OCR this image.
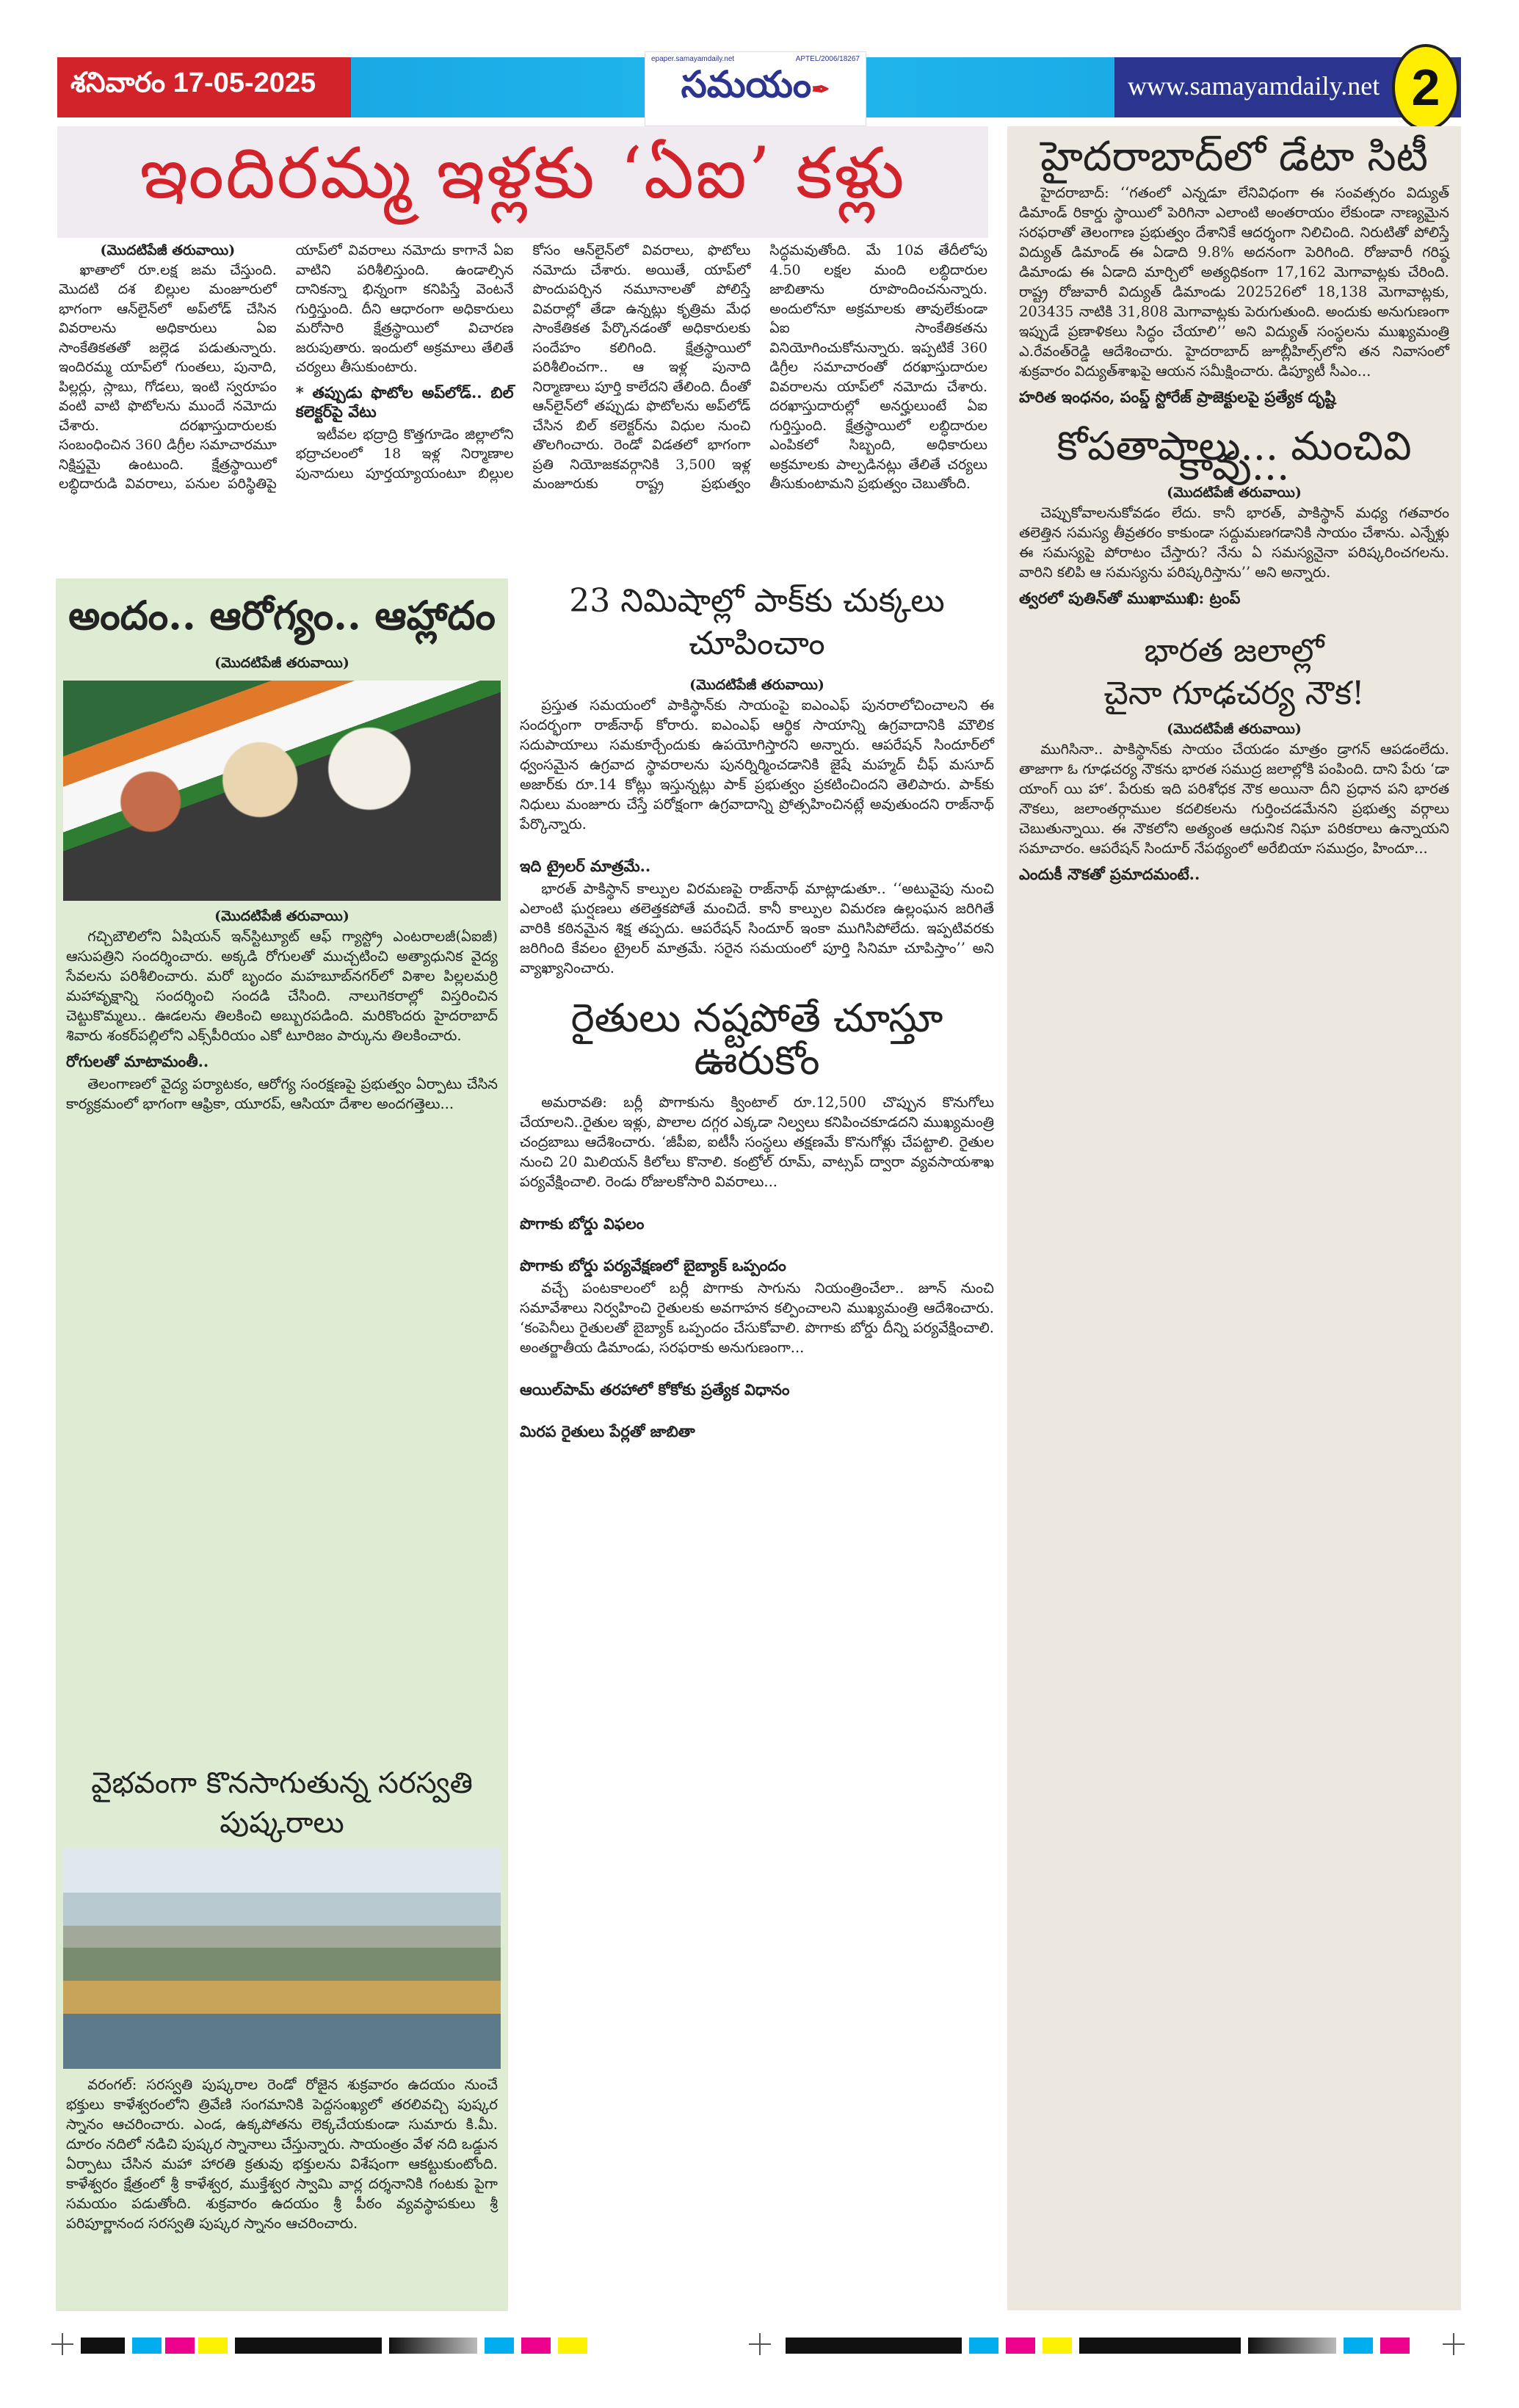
శనివారం 17-05-2025
epaper.samayamdaily.net	APTEL/2006/18267
సమయం✒	www.samayamdaily.net 2
ఇందిరమ్మ ఇళ్లకు ‘ఏఐ’ కళ్లు
(మొదటిపేజీ తరువాయి)

ఖాతాలో రూ.లక్ష జమ చేస్తుంది. మొదటి దశ బిల్లుల మంజూరులో భాగంగా ఆన్‌లైన్‌లో అప్‌లోడ్ చేసిన వివరాలను అధికారులు ఏఐ సాంకేతికతతో జల్లెడ పడుతున్నారు. ఇందిరమ్మ యాప్‌లో గుంతలు, పునాది, పిల్లర్లు, స్లాబు, గోడలు, ఇంటి స్వరూపం వంటి వాటి ఫొటోలను ముందే నమోదు చేశారు. దరఖాస్తుదారులకు సంబంధించిన 360 డిగ్రీల సమాచారమూ నిక్షిప్తమై ఉంటుంది. క్షేత్రస్థాయిలో లబ్ధిదారుడి వివరాలు, పనుల పరిస్థితిపై యాప్‌లో వివరాలు నమోదు కాగానే ఏఐ వాటిని పరిశీలిస్తుంది. ఉండాల్సిన దానికన్నా భిన్నంగా కనిపిస్తే వెంటనే గుర్తిస్తుంది. దీని ఆధారంగా అధికారులు మరోసారి క్షేత్రస్థాయిలో విచారణ జరుపుతారు. ఇందులో అక్రమాలు తేలితే చర్యలు తీసుకుంటారు.

* తప్పుడు ఫొటోల అప్‌లోడ్.. బిల్ కలెక్టర్‌పై వేటు

ఇటీవల భద్రాద్రి కొత్తగూడెం జిల్లాలోని భద్రాచలంలో 18 ఇళ్ల నిర్మాణాల పునాదులు పూర్తయ్యాయంటూ బిల్లుల కోసం ఆన్‌లైన్‌లో వివరాలు, ఫొటోలు నమోదు చేశారు. అయితే, యాప్‌లో పొందుపర్చిన నమూనాలతో పోలిస్తే వివరాల్లో తేడా ఉన్నట్లు కృత్రిమ మేధ సాంకేతికత పేర్కొనడంతో అధికారులకు సందేహం కలిగింది. క్షేత్రస్థాయిలో పరిశీలించగా.. ఆ ఇళ్ల పునాది నిర్మాణాలు పూర్తి కాలేదని తేలింది. దీంతో ఆన్‌లైన్‌లో తప్పుడు ఫొటోలను అప్‌లోడ్ చేసిన బిల్ కలెక్టర్‌ను విధుల నుంచి తొలగించారు. రెండో విడతలో భాగంగా ప్రతి నియోజకవర్గానికి 3,500 ఇళ్ల మంజూరుకు రాష్ట్ర ప్రభుత్వం సిద్ధమవుతోంది. మే 10వ తేదీలోపు 4.50 లక్షల మంది లబ్ధిదారుల జాబితాను రూపొందించనున్నారు. అందులోనూ అక్రమాలకు తావులేకుండా ఏఐ సాంకేతికతను వినియోగించుకోనున్నారు. ఇప్పటికే 360 డిగ్రీల సమాచారంతో దరఖాస్తుదారుల వివరాలను యాప్‌లో నమోదు చేశారు. దరఖాస్తుదారుల్లో అనర్హులుంటే ఏఐ గుర్తిస్తుంది. క్షేత్రస్థాయిలో లబ్ధిదారుల ఎంపికలో సిబ్బంది, అధికారులు అక్రమాలకు పాల్పడినట్లు తేలితే చర్యలు తీసుకుంటామని ప్రభుత్వం చెబుతోంది.

అందం.. ఆరోగ్యం.. ఆహ్లాదం
(మొదటిపేజీ తరువాయి)
(మొదటిపేజీ తరువాయి)

గచ్చిబౌలిలోని ఏషియన్ ఇన్‌స్టిట్యూట్ ఆఫ్ గ్యాస్ట్రో ఎంటరాలజీ(ఏఐజీ) ఆసుపత్రిని సందర్శించారు. అక్కడి రోగులతో ముచ్చటించి అత్యాధునిక వైద్య సేవలను పరిశీలించారు. మరో బృందం మహబూబ్‌నగర్‌లో విశాల పిల్లలమర్రి మహావృక్షాన్ని సందర్శించి సందడి చేసింది. నాలుగెకరాల్లో విస్తరించిన చెట్టుకొమ్మలు.. ఊడలను తిలకించి అబ్బురపడింది. మరికొందరు హైదరాబాద్ శివారు శంకర్‌పల్లిలోని ఎక్స్‌పీరియం ఎకో టూరిజం పార్కును తిలకించారు.

రోగులతో మాటామంతీ..

తెలంగాణలో వైద్య పర్యాటకం, ఆరోగ్య సంరక్షణపై ప్రభుత్వం ఏర్పాటు చేసిన కార్యక్రమంలో భాగంగా ఆఫ్రికా, యూరప్, ఆసియా దేశాల అందగత్తెలు...

వైభవంగా కొనసాగుతున్న సరస్వతి పుష్కరాలు

వరంగల్: సరస్వతి పుష్కరాల రెండో రోజైన శుక్రవారం ఉదయం నుంచే భక్తులు కాళేశ్వరంలోని త్రివేణి సంగమానికి పెద్దసంఖ్యలో తరలివచ్చి పుష్కర స్నానం ఆచరించారు. ఎండ, ఉక్కపోతను లెక్కచేయకుండా సుమారు కి.మీ. దూరం నదిలో నడిచి పుష్కర స్నానాలు చేస్తున్నారు. సాయంత్రం వేళ నది ఒడ్డున ఏర్పాటు చేసిన మహా హారతి క్రతువు భక్తులను విశేషంగా ఆకట్టుకుంటోంది. కాళేశ్వరం క్షేత్రంలో శ్రీ కాళేశ్వర, ముక్తేశ్వర స్వామి వార్ల దర్శనానికి గంటకు పైగా సమయం పడుతోంది. శుక్రవారం ఉదయం శ్రీ పీఠం వ్యవస్థాపకులు శ్రీ పరిపూర్ణానంద సరస్వతి పుష్కర స్నానం ఆచరించారు.

23 నిమిషాల్లో పాక్‌కు చుక్కలు చూపించాం
(మొదటిపేజీ తరువాయి)

ప్రస్తుత సమయంలో పాకిస్థాన్‌కు సాయంపై ఐఎంఎఫ్ పునరాలోచించాలని ఈ సందర్భంగా రాజ్‌నాథ్ కోరారు. ఐఎంఎఫ్ ఆర్థిక సాయాన్ని ఉగ్రవాదానికి మౌలిక సదుపాయాలు సమకూర్చేందుకు ఉపయోగిస్తారని అన్నారు. ఆపరేషన్ సిందూర్‌లో ధ్వంసమైన ఉగ్రవాద స్థావరాలను పునర్నిర్మించడానికి జైషే మహ్మద్ చీఫ్ మసూద్ అజార్‌కు రూ.14 కోట్లు ఇస్తున్నట్లు పాక్ ప్రభుత్వం ప్రకటించిందని తెలిపారు. పాక్‌కు నిధులు మంజూరు చేస్తే పరోక్షంగా ఉగ్రవాదాన్ని ప్రోత్సహించినట్లే అవుతుందని రాజ్‌నాథ్ పేర్కొన్నారు.

ఇది ట్రైలర్ మాత్రమే..

భారత్ పాకిస్థాన్ కాల్పుల విరమణపై రాజ్‌నాథ్ మాట్లాడుతూ.. ‘‘అటువైపు నుంచి ఎలాంటి ఘర్షణలు తలెత్తకపోతే మంచిదే. కానీ కాల్పుల విమరణ ఉల్లంఘన జరిగితే వారికి కఠినమైన శిక్ష తప్పదు. ఆపరేషన్ సిందూర్ ఇంకా ముగిసిపోలేదు. ఇప్పటివరకు జరిగింది కేవలం ట్రైలర్ మాత్రమే. సరైన సమయంలో పూర్తి సినిమా చూపిస్తాం’’ అని వ్యాఖ్యానించారు.

రైతులు నష్టపోతే చూస్తూ ఊరుకోం

అమరావతి: బర్లీ పొగాకును క్వింటాల్ రూ.12,500 చొప్పున కొనుగోలు చేయాలని..రైతుల ఇళ్లు, పొలాల దగ్గర ఎక్కడా నిల్వలు కనిపించకూడదని ముఖ్యమంత్రి చంద్రబాబు ఆదేశించారు. ‘జీపీఐ, ఐటీసీ సంస్థలు తక్షణమే కొనుగోళ్లు చేపట్టాలి. రైతుల నుంచి 20 మిలియన్ కిలోలు కొనాలి. కంట్రోల్ రూమ్, వాట్సప్ ద్వారా వ్యవసాయశాఖ పర్యవేక్షించాలి. రెండు రోజులకోసారి వివరాలు...

పొగాకు బోర్డు విఫలం
పొగాకు బోర్డు పర్యవేక్షణలో బైబ్యాక్ ఒప్పందం

వచ్చే పంటకాలంలో బర్లీ పొగాకు సాగును నియంత్రించేలా.. జూన్ నుంచి సమావేశాలు నిర్వహించి రైతులకు అవగాహన కల్పించాలని ముఖ్యమంత్రి ఆదేశించారు. ‘కంపెనీలు రైతులతో బైబ్యాక్ ఒప్పందం చేసుకోవాలి. పొగాకు బోర్డు దీన్ని పర్యవేక్షించాలి. అంతర్జాతీయ డిమాండు, సరఫరాకు అనుగుణంగా...

ఆయిల్‌పామ్ తరహాలో కోకోకు ప్రత్యేక విధానం
మిరప రైతులు పేర్లతో జాబితా
హైదరాబాద్‌లో డేటా సిటీ

హైదరాబాద్: ‘‘గతంలో ఎన్నడూ లేనివిధంగా ఈ సంవత్సరం విద్యుత్ డిమాండ్ రికార్డు స్థాయిలో పెరిగినా ఎలాంటి అంతరాయం లేకుండా నాణ్యమైన సరఫరాతో తెలంగాణ ప్రభుత్వం దేశానికే ఆదర్శంగా నిలిచింది. నిరుటితో పోలిస్తే విద్యుత్ డిమాండ్ ఈ ఏడాది 9.8% అదనంగా పెరిగింది. రోజువారీ గరిష్ఠ డిమాండు ఈ ఏడాది మార్చిలో అత్యధికంగా 17,162 మెగావాట్లకు చేరింది. రాష్ట్ర రోజువారీ విద్యుత్ డిమాండు 202526లో 18,138 మెగావాట్లకు, 203435 నాటికి 31,808 మెగావాట్లకు పెరుగుతుంది. అందుకు అనుగుణంగా ఇప్పుడే ప్రణాళికలు సిద్ధం చేయాలి’’ అని విద్యుత్ సంస్థలను ముఖ్యమంత్రి ఎ.రేవంత్‌రెడ్డి ఆదేశించారు. హైదరాబాద్ జూబ్లీహిల్స్‌లోని తన నివాసంలో శుక్రవారం విద్యుత్‌శాఖపై ఆయన సమీక్షించారు. డిప్యూటీ సీఎం...

హరిత ఇంధనం, పంప్డ్ స్టోరేజ్ ప్రాజెక్టులపై ప్రత్యేక దృష్టి
కోపతాపాలు... మంచివి కావు...
(మొదటిపేజీ తరువాయి)

చెప్పుకోవాలనుకోవడం లేదు. కానీ భారత్, పాకిస్థాన్ మధ్య గతవారం తలెత్తిన సమస్య తీవ్రతరం కాకుండా సద్దుమణగడానికి సాయం చేశాను. ఎన్నేళ్లు ఈ సమస్యపై పోరాటం చేస్తారు? నేను ఏ సమస్యనైనా పరిష్కరించగలను. వారిని కలిపి ఆ సమస్యను పరిష్కరిస్తాను’’ అని అన్నారు.

త్వరలో పుతిన్‌తో ముఖాముఖి: ట్రంప్
భారత జలాల్లో
చైనా గూఢచర్య నౌక!
(మొదటిపేజీ తరువాయి)

ముగిసినా.. పాకిస్థాన్‌కు సాయం చేయడం మాత్రం డ్రాగన్ ఆపడంలేదు. తాజాగా ఓ గూఢచర్య నౌకను భారత సముద్ర జలాల్లోకి పంపింది. దాని పేరు ‘డా యాంగ్ యి హా’. పేరుకు ఇది పరిశోధక నౌక అయినా దీని ప్రధాన పని భారత నౌకలు, జలాంతర్గాముల కదలికలను గుర్తించడమేనని ప్రభుత్వ వర్గాలు చెబుతున్నాయి. ఈ నౌకలోని అత్యంత ఆధునిక నిఘా పరికరాలు ఉన్నాయని సమాచారం. ఆపరేషన్ సిందూర్ నేపథ్యంలో అరేబియా సముద్రం, హిందూ...

ఎందుకీ నౌకతో ప్రమాదమంటే..
